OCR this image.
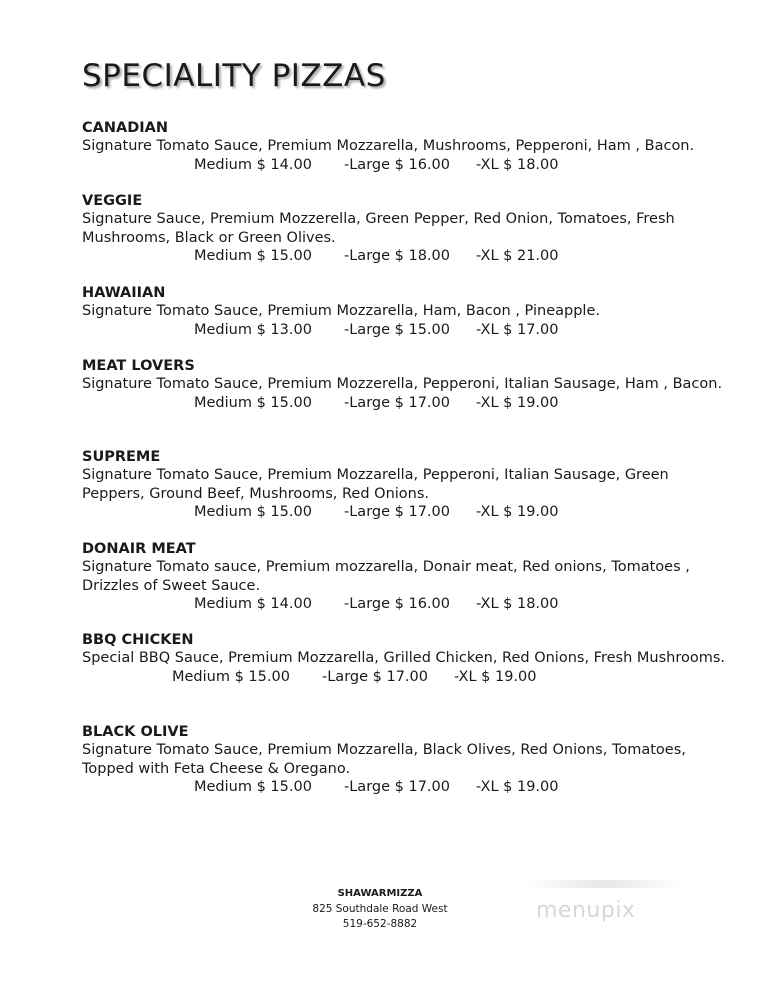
SPECIALITY PIZZAS
CANADIAN
Signature Tomato Sauce, Premium Mozzarella, Mushrooms, Pepperoni, Ham , Bacon.
Medium $ 14.00 -Large $ 16.00 -XL $ 18.00
VEGGIE
Signature Sauce, Premium Mozzerella, Green Pepper, Red Onion, Tomatoes, Fresh Mushrooms, Black or Green Olives.
Medium $ 15.00 -Large $ 18.00 -XL $ 21.00
HAWAIIAN
Signature Tomato Sauce, Premium Mozzarella, Ham, Bacon , Pineapple.
Medium $ 13.00 -Large $ 15.00 -XL $ 17.00
MEAT LOVERS
Signature Tomato Sauce, Premium Mozzerella, Pepperoni, Italian Sausage, Ham , Bacon.
Medium $ 15.00 -Large $ 17.00 -XL $ 19.00
SUPREME
Signature Tomato Sauce, Premium Mozzarella, Pepperoni, Italian Sausage, Green Peppers, Ground Beef, Mushrooms, Red Onions.
Medium $ 15.00 -Large $ 17.00 -XL $ 19.00
DONAIR MEAT
Signature Tomato sauce, Premium mozzarella, Donair meat, Red onions, Tomatoes , Drizzles of Sweet Sauce.
Medium $ 14.00 -Large $ 16.00 -XL $ 18.00
BBQ CHICKEN
Special BBQ Sauce, Premium Mozzarella, Grilled Chicken, Red Onions, Fresh Mushrooms.
Medium $ 15.00 -Large $ 17.00 -XL $ 19.00
BLACK OLIVE
Signature Tomato Sauce, Premium Mozzarella, Black Olives, Red Onions, Tomatoes, Topped with Feta Cheese & Oregano.
Medium $ 15.00 -Large $ 17.00 -XL $ 19.00
SHAWARMIZZA
825 Southdale Road West
519-652-8882
menupix
